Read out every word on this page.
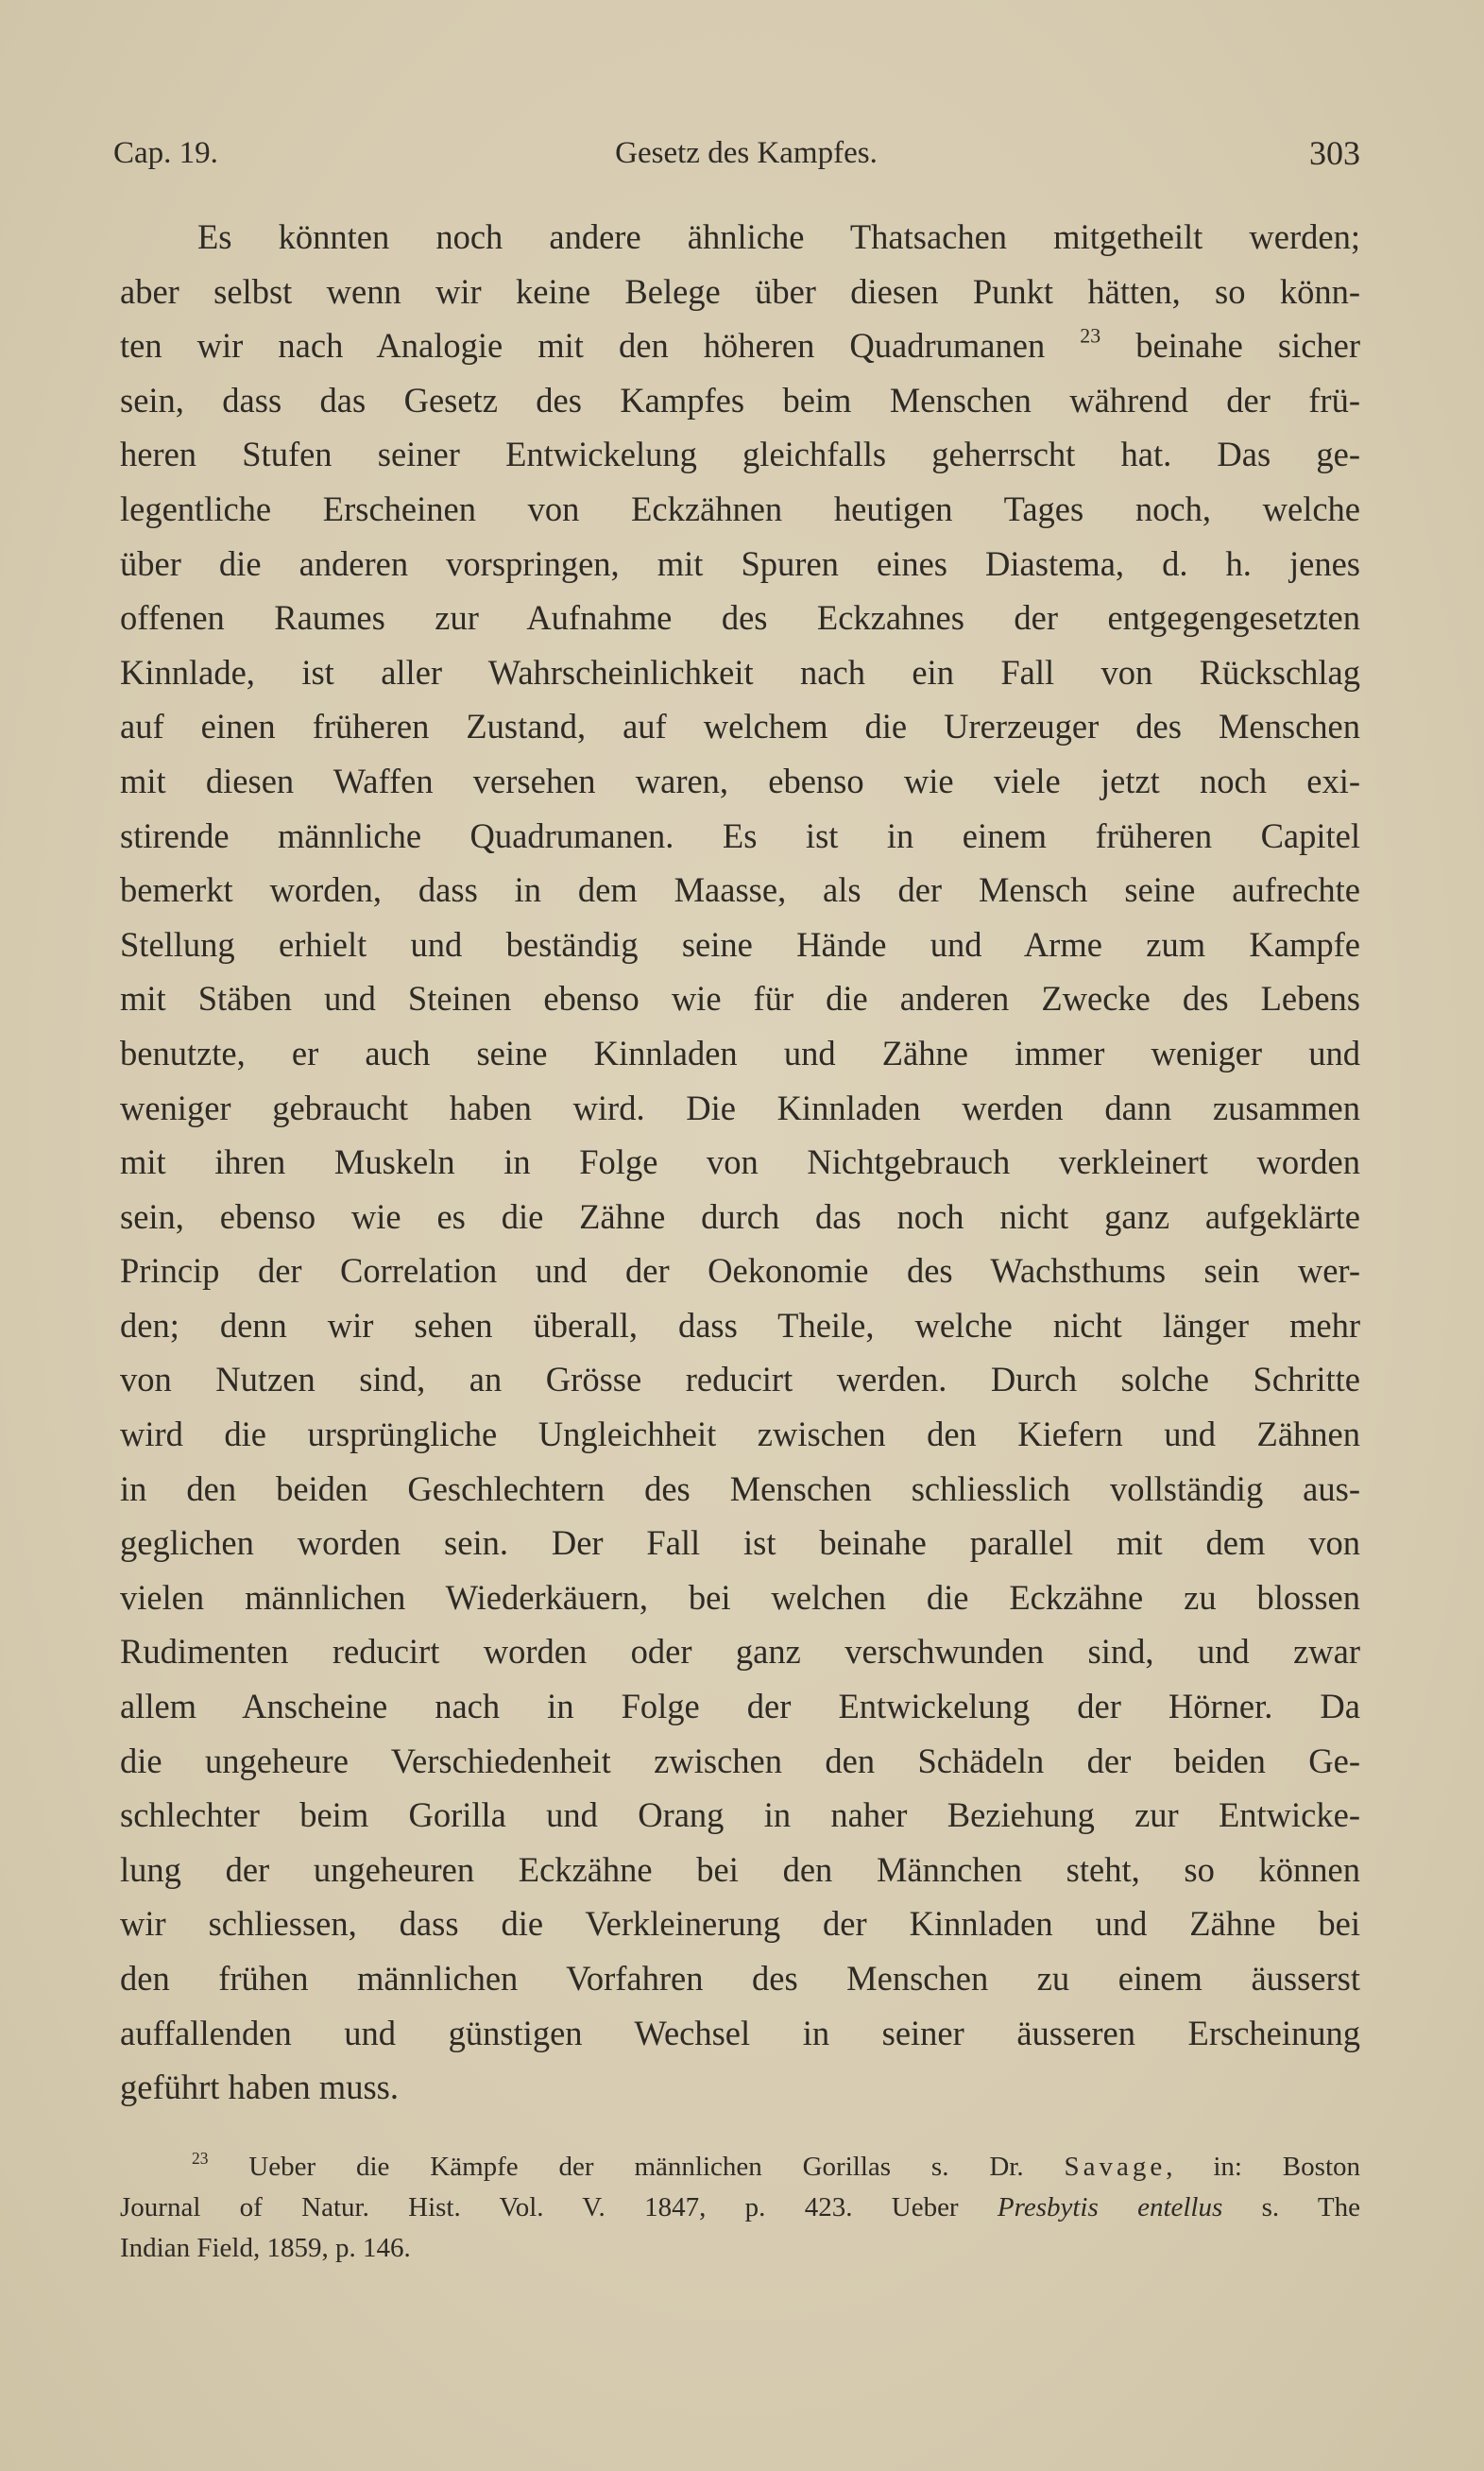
Cap. 19.	Gesetz des Kampfes.	303
Es könnten noch andere ähnliche Thatsachen mitgetheilt werden;
aber selbst wenn wir keine Belege über diesen Punkt hätten, so könn-
ten wir nach Analogie mit den höheren Quadrumanen $^{23}$ beinahe sicher
sein, dass das Gesetz des Kampfes beim Menschen während der frü-
heren Stufen seiner Entwickelung gleichfalls geherrscht hat. Das ge-
legentliche Erscheinen von Eckzähnen heutigen Tages noch, welche
über die anderen vorspringen, mit Spuren eines Diastema, d. h. jenes
offenen Raumes zur Aufnahme des Eckzahnes der entgegengesetzten
Kinnlade, ist aller Wahrscheinlichkeit nach ein Fall von Rückschlag
auf einen früheren Zustand, auf welchem die Urerzeuger des Menschen
mit diesen Waffen versehen waren, ebenso wie viele jetzt noch exi-
stirende männliche Quadrumanen. Es ist in einem früheren Capitel
bemerkt worden, dass in dem Maasse, als der Mensch seine aufrechte
Stellung erhielt und beständig seine Hände und Arme zum Kampfe
mit Stäben und Steinen ebenso wie für die anderen Zwecke des Lebens
benutzte, er auch seine Kinnladen und Zähne immer weniger und
weniger gebraucht haben wird. Die Kinnladen werden dann zusammen
mit ihren Muskeln in Folge von Nichtgebrauch verkleinert worden
sein, ebenso wie es die Zähne durch das noch nicht ganz aufgeklärte
Princip der Correlation und der Oekonomie des Wachsthums sein wer-
den; denn wir sehen überall, dass Theile, welche nicht länger mehr
von Nutzen sind, an Grösse reducirt werden. Durch solche Schritte
wird die ursprüngliche Ungleichheit zwischen den Kiefern und Zähnen
in den beiden Geschlechtern des Menschen schliesslich vollständig aus-
geglichen worden sein. Der Fall ist beinahe parallel mit dem von
vielen männlichen Wiederkäuern, bei welchen die Eckzähne zu blossen
Rudimenten reducirt worden oder ganz verschwunden sind, und zwar
allem Anscheine nach in Folge der Entwickelung der Hörner. Da
die ungeheure Verschiedenheit zwischen den Schädeln der beiden Ge-
schlechter beim Gorilla und Orang in naher Beziehung zur Entwicke-
lung der ungeheuren Eckzähne bei den Männchen steht, so können
wir schliessen, dass die Verkleinerung der Kinnladen und Zähne bei
den frühen männlichen Vorfahren des Menschen zu einem äusserst
auffallenden und günstigen Wechsel in seiner äusseren Erscheinung
geführt haben muss.
$^{23}$ Ueber die Kämpfe der männlichen Gorillas s. Dr. Savage, in: Boston
Journal of Natur. Hist. Vol. V. 1847, p. 423. Ueber Presbytis entellus s. The
Indian Field, 1859, p. 146.
